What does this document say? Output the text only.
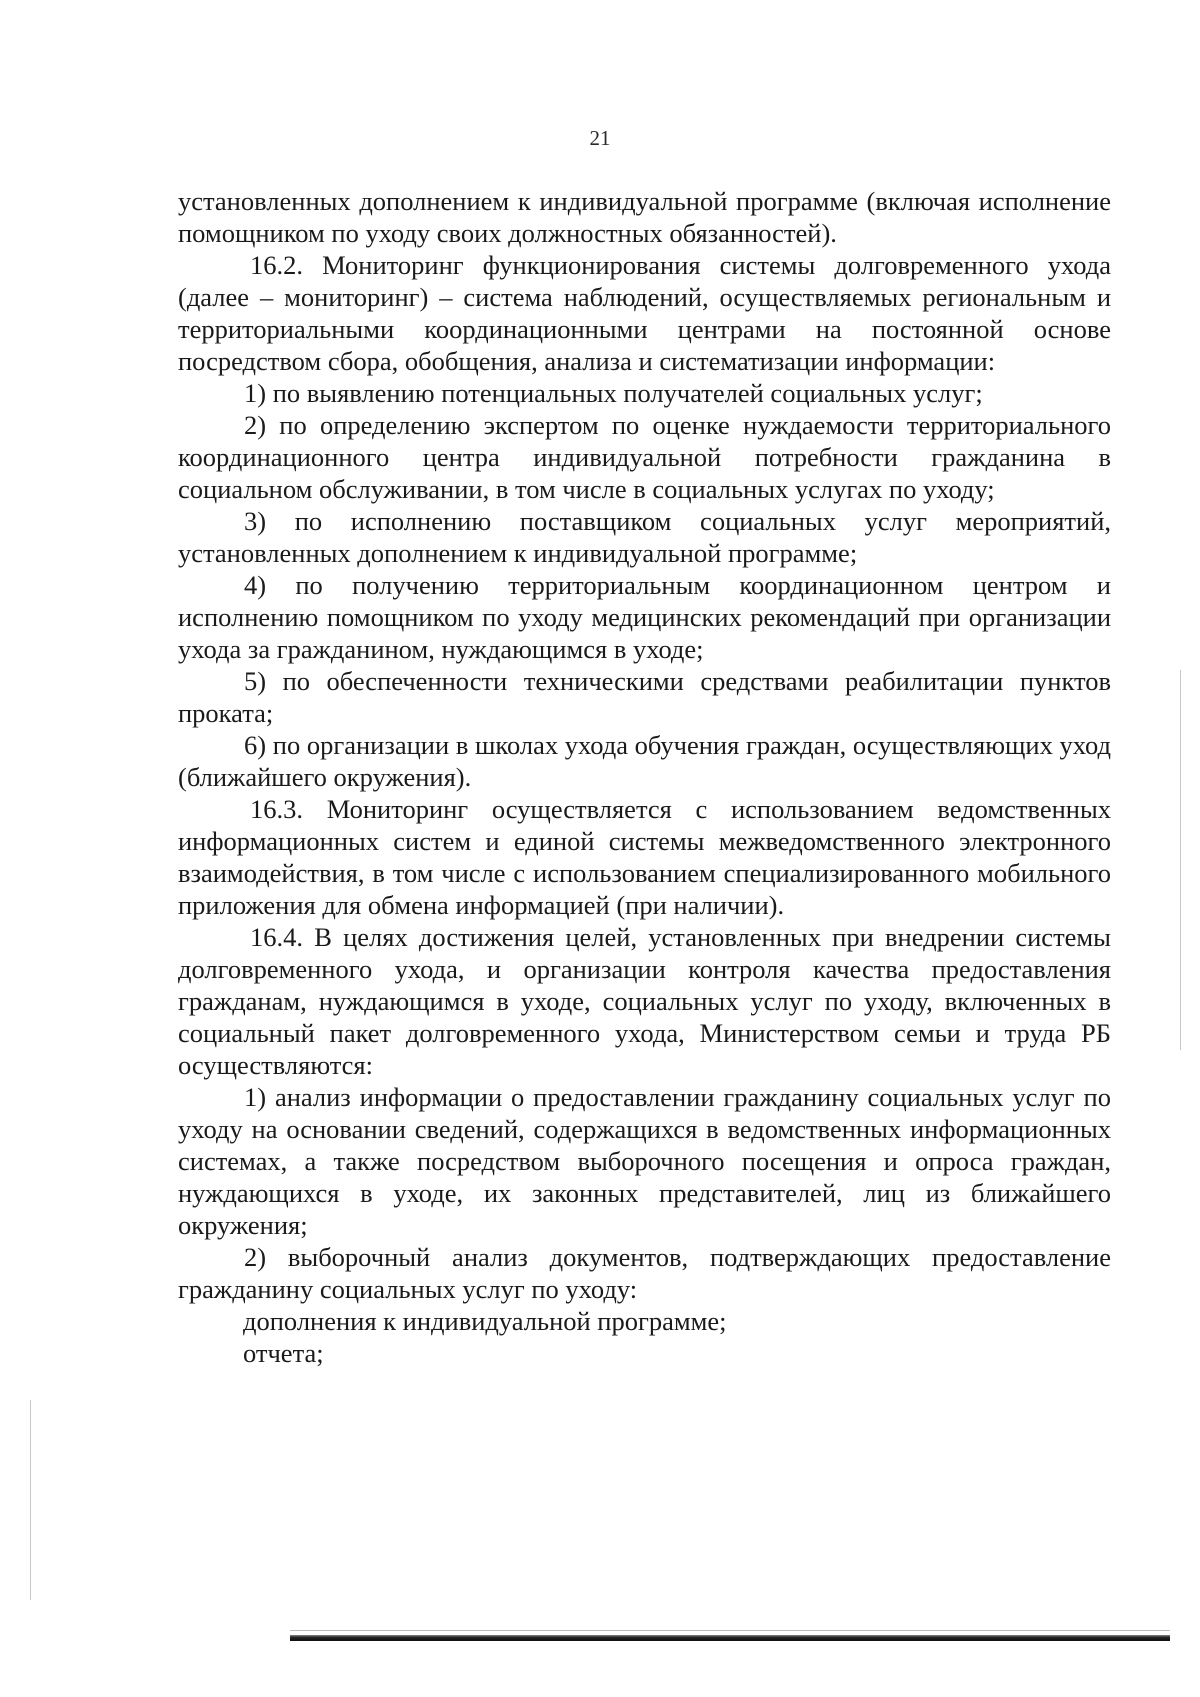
21

установленных дополнением к индивидуальной программе (включая исполнение помощником по уходу своих должностных обязанностей).

16.2. Мониторинг функционирования системы долговременного ухода (далее – мониторинг) – система наблюдений, осуществляемых региональным и территориальными координационными центрами на постоянной основе посредством сбора, обобщения, анализа и систематизации информации:

1) по выявлению потенциальных получателей социальных услуг;

2) по определению экспертом по оценке нуждаемости территориального координационного центра индивидуальной потребности гражданина в социальном обслуживании, в том числе в социальных услугах по уходу;

3) по исполнению поставщиком социальных услуг мероприятий, установленных дополнением к индивидуальной программе;

4) по получению территориальным координационном центром и исполнению помощником по уходу медицинских рекомендаций при организации ухода за гражданином, нуждающимся в уходе;

5) по обеспеченности техническими средствами реабилитации пунктов проката;

6) по организации в школах ухода обучения граждан, осуществляющих уход (ближайшего окружения).

16.3. Мониторинг осуществляется с использованием ведомственных информационных систем и единой системы межведомственного электронного взаимодействия, в том числе с использованием специализированного мобильного приложения для обмена информацией (при наличии).

16.4. В целях достижения целей, установленных при внедрении системы долговременного ухода, и организации контроля качества предоставления гражданам, нуждающимся в уходе, социальных услуг по уходу, включенных в социальный пакет долговременного ухода, Министерством семьи и труда РБ осуществляются:

1) анализ информации о предоставлении гражданину социальных услуг по уходу на основании сведений, содержащихся в ведомственных информационных системах, а также посредством выборочного посещения и опроса граждан, нуждающихся в уходе, их законных представителей, лиц из ближайшего окружения;

2) выборочный анализ документов, подтверждающих предоставление гражданину социальных услуг по уходу:

дополнения к индивидуальной программе;

отчета;
